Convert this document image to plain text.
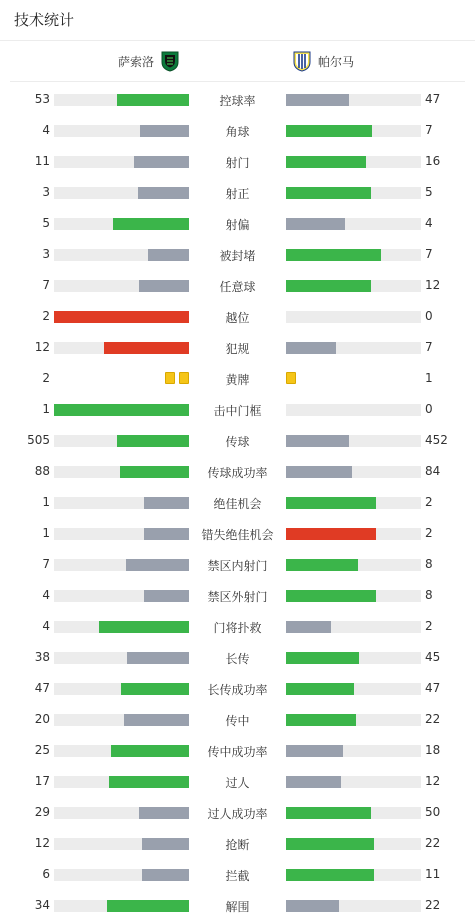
技术统计
萨索洛	帕尔马
53	控球率	47
4	角球	7
11	射门	16
3	射正	5
5	射偏	4
3	被封堵	7
7	任意球	12
2	越位	0
12	犯规	7
2	黄牌	1
1	击中门框	0
505	传球	452
88	传球成功率	84
1	绝佳机会	2
1	错失绝佳机会	2
7	禁区内射门	8
4	禁区外射门	8
4	门将扑救	2
38	长传	45
47	长传成功率	47
20	传中	22
25	传中成功率	18
17	过人	12
29	过人成功率	50
12	抢断	22
6	拦截	11
34	解围	22
